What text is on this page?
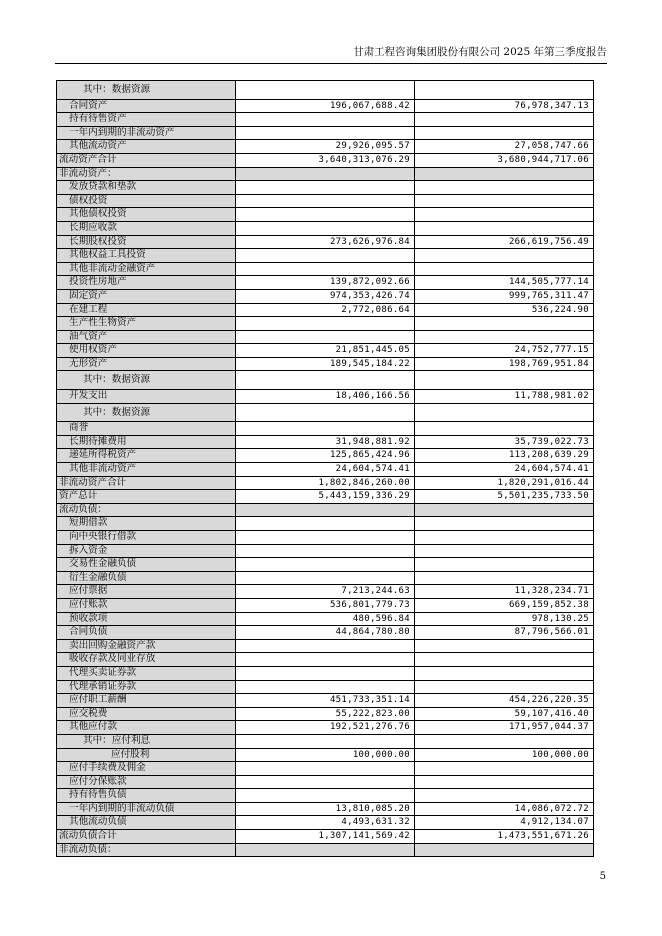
甘肃工程咨询集团股份有限公司 2025 年第三季度报告
其中：数据资源		
合同资产	196,067,688.42	76,978,347.13
持有待售资产		
一年内到期的非流动资产		
其他流动资产	29,926,095.57	27,058,747.66
流动资产合计	3,640,313,076.29	3,680,944,717.06
非流动资产：		
发放贷款和垫款		
债权投资		
其他债权投资		
长期应收款		
长期股权投资	273,626,976.84	266,619,756.49
其他权益工具投资		
其他非流动金融资产		
投资性房地产	139,872,092.66	144,505,777.14
固定资产	974,353,426.74	999,765,311.47
在建工程	2,772,086.64	536,224.90
生产性生物资产		
油气资产		
使用权资产	21,851,445.05	24,752,777.15
无形资产	189,545,184.22	198,769,951.84
其中：数据资源		
开发支出	18,406,166.56	11,788,981.02
其中：数据资源		
商誉		
长期待摊费用	31,948,881.92	35,739,022.73
递延所得税资产	125,865,424.96	113,208,639.29
其他非流动资产	24,604,574.41	24,604,574.41
非流动资产合计	1,802,846,260.00	1,820,291,016.44
资产总计	5,443,159,336.29	5,501,235,733.50
流动负债：		
短期借款		
向中央银行借款		
拆入资金		
交易性金融负债		
衍生金融负债		
应付票据	7,213,244.63	11,328,234.71
应付账款	536,801,779.73	669,159,852.38
预收款项	480,596.84	978,130.25
合同负债	44,864,780.80	87,796,566.01
卖出回购金融资产款		
吸收存款及同业存放		
代理买卖证券款		
代理承销证券款		
应付职工薪酬	451,733,351.14	454,226,220.35
应交税费	55,222,823.00	59,107,416.40
其他应付款	192,521,276.76	171,957,044.37
其中：应付利息		
应付股利	100,000.00	100,000.00
应付手续费及佣金		
应付分保账款		
持有待售负债		
一年内到期的非流动负债	13,810,085.20	14,086,072.72
其他流动负债	4,493,631.32	4,912,134.07
流动负债合计	1,307,141,569.42	1,473,551,671.26
非流动负债：		
5
